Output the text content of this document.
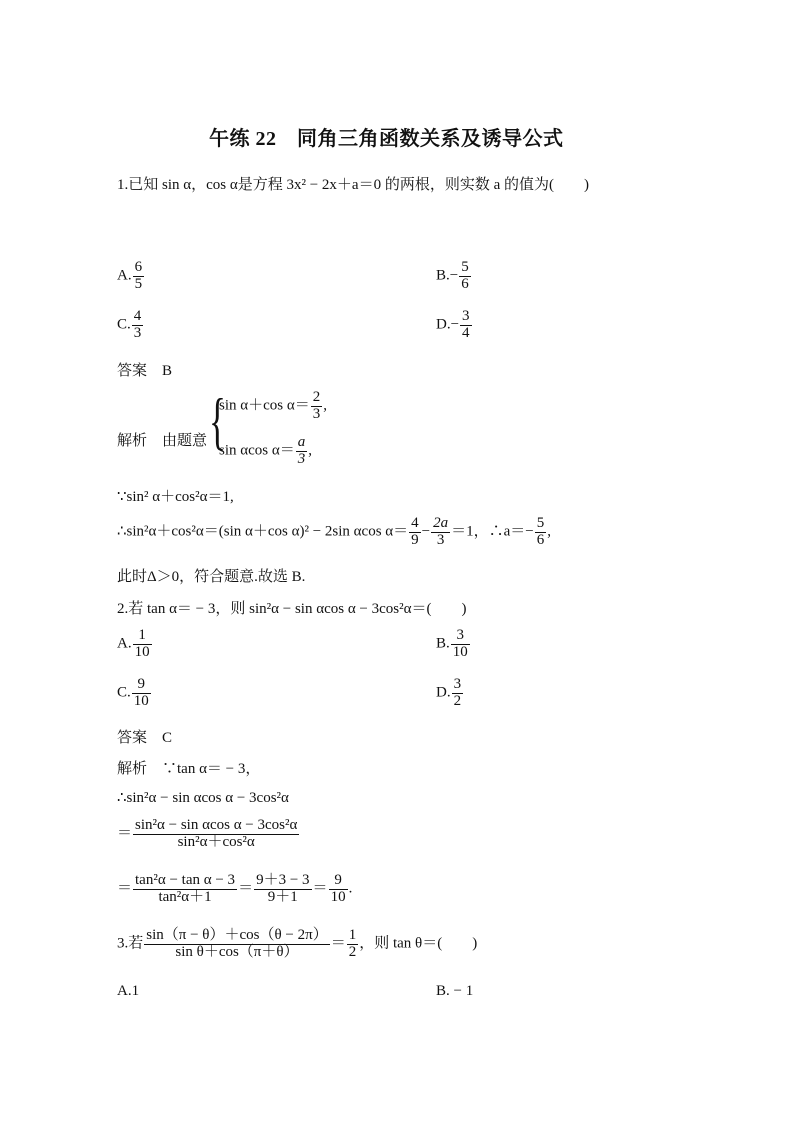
午练 22　同角三角函数关系及诱导公式
1.已知 sin α，cos α是方程 3x² − 2x＋a＝0 的两根，则实数 a 的值为(　　)
A. $\frac{6}{5}$	$B.- \frac{5}{6}$
C. $\frac{4}{3}$	$D.- \frac{3}{4}$
答案　B
解析　由题意 {
sin α＋cos $\alpha= \frac{2}{3}$ ,
sin αcos $\alpha= \frac{a}{3}$ ,
∵sin² α＋cos²α＝1,
∴sin²α＋cos²α＝(sin α＋cos α)² − 2sin αcos $\alpha= \frac{4}{9} - \frac{2a}{3} =1$，∴a＝− $\frac{5}{6}$ ,
此时Δ＞0，符合题意.故选 B.
2.若 tan α＝ − 3，则 sin²α − sin αcos α − 3cos²α＝(　　)
A. $\frac{1}{10}$	B. $\frac{3}{10}$
C. $\frac{9}{10}$	D. $\frac{3}{2}$
答案　C
解析　∵tan α＝ − 3，
∴sin²α − sin αcos α − 3cos²α
＝ $\frac{\text{sin²α − sin αcos α − 3cos²α}}{\text{sin²α＋cos²α}}$
＝ $\frac{\text{tan²α − tan α − 3}}{\text{tan²α＋1}} = \frac{9+3 - 3}{9+1} = \frac{9}{10}$ .
3.若 $\frac{\sin(\pi - \theta)+\cos(\theta - 2\pi)}{\text{sin θ＋cos（π＋θ）}} = \frac{1}{2}$ ，则 tan θ＝(　　)
A.1	B. − 1
